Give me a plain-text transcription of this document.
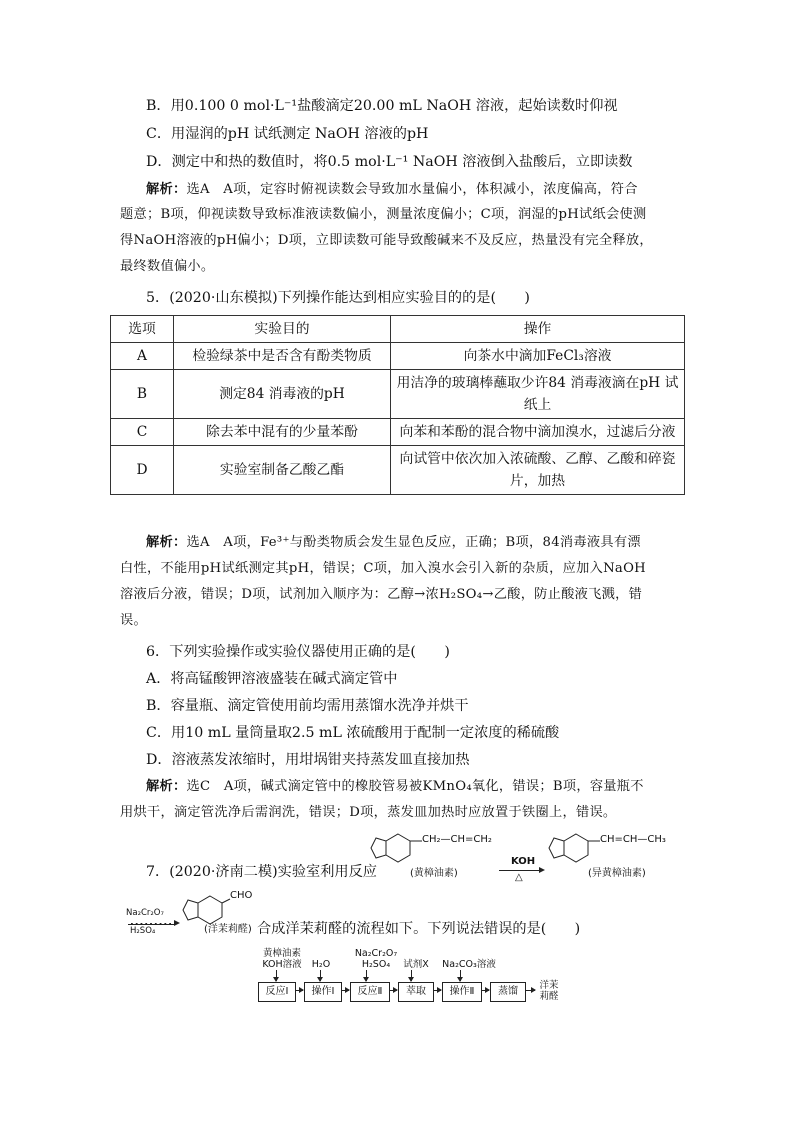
B．用0.100 0 mol·L⁻¹盐酸滴定20.00 mL NaOH 溶液，起始读数时仰视
C．用湿润的pH 试纸测定 NaOH 溶液的pH
D．测定中和热的数值时，将0.5 mol·L⁻¹ NaOH 溶液倒入盐酸后，立即读数
解析：选A　A项，定容时俯视读数会导致加水量偏小，体积减小，浓度偏高，符合
题意；B项，仰视读数导致标准液读数偏小，测量浓度偏小；C项，润湿的pH试纸会使测
得NaOH溶液的pH偏小；D项，立即读数可能导致酸碱来不及反应，热量没有完全释放，
最终数值偏小。
5．(2020·山东模拟)下列操作能达到相应实验目的的是(　　)
选项	实验目的	操作
A	检验绿茶中是否含有酚类物质	向茶水中滴加FeCl₃溶液
B	测定84 消毒液的pH	用洁净的玻璃棒蘸取少许84 消毒液滴在pH 试纸上
C	除去苯中混有的少量苯酚	向苯和苯酚的混合物中滴加溴水，过滤后分液
D	实验室制备乙酸乙酯	向试管中依次加入浓硫酸、乙醇、乙酸和碎瓷片，加热
解析：选A　A项，Fe³⁺与酚类物质会发生显色反应，正确；B项，84消毒液具有漂
白性，不能用pH试纸测定其pH，错误；C项，加入溴水会引入新的杂质，应加入NaOH
溶液后分液，错误；D项，试剂加入顺序为：乙醇→浓H₂SO₄→乙酸，防止酸液飞溅，错
误。
6．下列实验操作或实验仪器使用正确的是(　　)
A．将高锰酸钾溶液盛装在碱式滴定管中
B．容量瓶、滴定管使用前均需用蒸馏水洗净并烘干
C．用10 mL 量筒量取2.5 mL 浓硫酸用于配制一定浓度的稀硫酸
D．溶液蒸发浓缩时，用坩埚钳夹持蒸发皿直接加热
解析：选C　A项，碱式滴定管中的橡胶管易被KMnO₄氧化，错误；B项，容量瓶不
用烘干，滴定管洗净后需润洗，错误；D项，蒸发皿加热时应放置于铁圈上，错误。
7．(2020·济南二模)实验室利用反应
CH₂—CH=CH₂
(黄樟油素)
KOH
△
CH=CH—CH₃
(异黄樟油素)
Na₂Cr₂O₇
H₂SO₄
CHO
(洋茉莉醛) 合成洋茉莉醛的流程如下。下列说法错误的是(　　)
黄樟油素
KOH溶液	H₂O
Na₂Cr₂O₇
H₂SO₄	试剂X	Na₂CO₃溶液
反应Ⅰ	操作Ⅰ	反应Ⅱ	萃取	操作Ⅱ	蒸馏
洋茉
莉醛
